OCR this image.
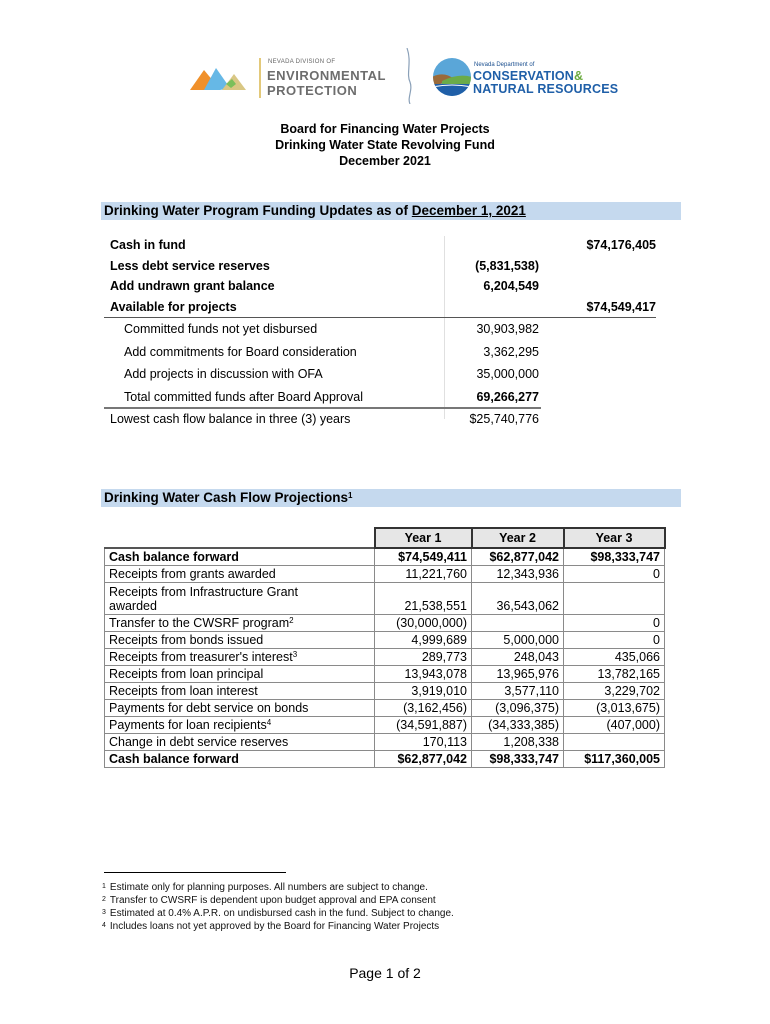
NEVADA DIVISION OF
ENVIRONMENTAL
PROTECTION
Nevada Department of
CONSERVATION&
NATURAL RESOURCES
Board for Financing Water Projects
Drinking Water State Revolving Fund
December 2021
Drinking Water Program Funding Updates as of December 1, 2021
Cash in fund	$74,176,405
Less debt service reserves	(5,831,538)
Add undrawn grant balance	6,204,549
Available for projects	$74,549,417
Committed funds not yet disbursed	30,903,982
Add commitments for Board consideration	3,362,295
Add projects in discussion with OFA	35,000,000
Total committed funds after Board Approval	69,266,277
Lowest cash flow balance in three (3) years	$25,740,776
Drinking Water Cash Flow Projections$^1$
	Year 1	Year 2	Year 3
Cash balance forward	$74,549,411	$62,877,042	$98,333,747
Receipts from grants awarded	11,221,760	12,343,936	0

Receipts from Infrastructure Grant awarded	21,538,551	36,543,062	
Transfer to the CWSRF program$^2$	(30,000,000)		0
Receipts from bonds issued	4,999,689	5,000,000	0
Receipts from treasurer's interest$^3$	289,773	248,043	435,066
Receipts from loan principal	13,943,078	13,965,976	13,782,165
Receipts from loan interest	3,919,010	3,577,110	3,229,702
Payments for debt service on bonds	(3,162,456)	(3,096,375)	(3,013,675)
Payments for loan recipients$^4$	(34,591,887)	(34,333,385)	(407,000)
Change in debt service reserves	170,113	1,208,338	
Cash balance forward	$62,877,042	$98,333,747	$117,360,005
$^1$ Estimate only for planning purposes. All numbers are subject to change.
$^2$ Transfer to CWSRF is dependent upon budget approval and EPA consent
$^3$ Estimated at 0.4% A.P.R. on undisbursed cash in the fund. Subject to change.
$^4$ Includes loans not yet approved by the Board for Financing Water Projects
Page 1 of 2
